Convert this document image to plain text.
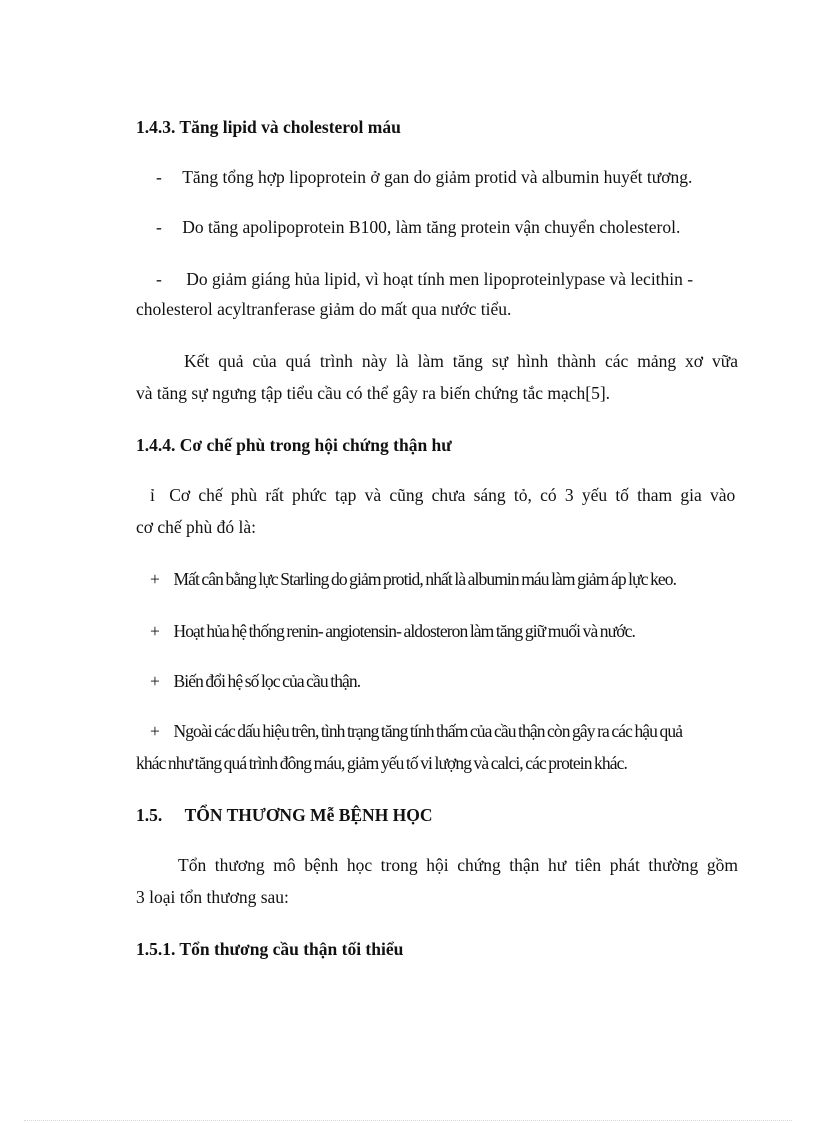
1.4.3. Tăng lipid và cholesterol máu
- Tăng tổng hợp lipoprotein ở gan do giảm protid và albumin huyết tương.
- Do tăng apolipoprotein B100, làm tăng protein vận chuyển cholesterol.
- Do giảm giáng hủa lipid, vì hoạt tính men lipoproteinlypase và lecithin -
cholesterol acyltranferase giảm do mất qua nước tiểu.
Kết quả của quá trình này là làm tăng sự hình thành các mảng xơ vữa
và tăng sự ngưng tập tiểu cầu có thể gây ra biến chứng tắc mạch[5].
1.4.4. Cơ chế phù trong hội chứng thận hư
ỉ Cơ chế phù rất phức tạp và cũng chưa sáng tỏ, có 3 yếu tố tham gia vào
cơ chế phù đó là:
+ Mất cân bằng lực Starling do giảm protid, nhất là albumin máu làm giảm áp lực keo.
+ Hoạt hủa hệ thống renin- angiotensin- aldosteron làm tăng giữ muối và nước.
+ Biến đổi hệ số lọc của cầu thận.
+ Ngoài các dấu hiệu trên, tình trạng tăng tính thấm của cầu thận còn gây ra các hậu quả
khác như tăng quá trình đông máu, giảm yếu tố vi lượng và calci, các protein khác.
1.5. TỔN THƯƠNG Mễ BỆNH HỌC
Tổn thương mô bệnh học trong hội chứng thận hư tiên phát thường gồm
3 loại tổn thương sau:
1.5.1. Tổn thương cầu thận tối thiểu
